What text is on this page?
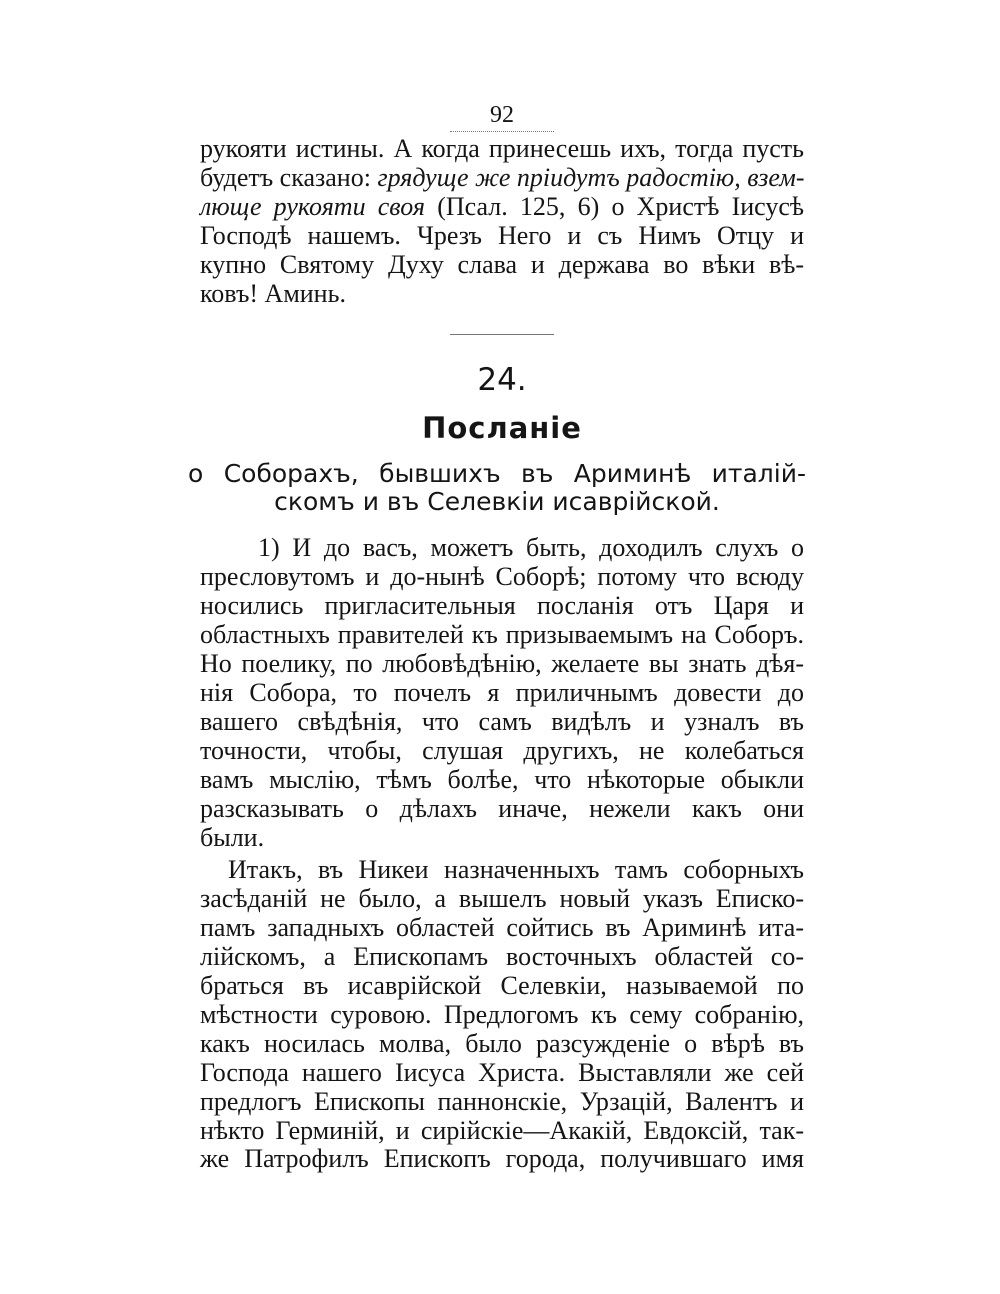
92
рукояти истины. А когда принесешь ихъ, тогда пусть
будетъ сказано: грядуще же пріидутъ радостію, взем-
люще рукояти своя (Псал. 125, 6) о Христѣ Іисусѣ
Господѣ нашемъ. Чрезъ Него и съ Нимъ Отцу и
купно Святому Духу слава и держава во вѣки вѣ-
ковъ! Аминь.
24.
Посланіе
о Соборахъ, бывшихъ въ Ариминѣ италій-
скомъ и въ Селевкіи исаврійской.
1) И до васъ, можетъ быть, доходилъ слухъ о
пресловутомъ и до-нынѣ Соборѣ; потому что всюду
носились пригласительныя посланія отъ Царя и
областныхъ правителей къ призываемымъ на Соборъ.
Но поелику, по любовѣдѣнію, желаете вы знать дѣя-
нія Собора, то почелъ я приличнымъ довести до
вашего свѣдѣнія, что самъ видѣлъ и узналъ въ
точности, чтобы, слушая другихъ, не колебаться
вамъ мыслію, тѣмъ болѣе, что нѣкоторые обыкли
разсказывать о дѣлахъ иначе, нежели какъ они
были.
Итакъ, въ Никеи назначенныхъ тамъ соборныхъ
засѣданій не было, а вышелъ новый указъ Еписко-
памъ западныхъ областей сойтись въ Ариминѣ ита-
лійскомъ, а Епископамъ восточныхъ областей со-
браться въ исаврійской Селевкіи, называемой по
мѣстности суровою. Предлогомъ къ сему собранію,
какъ носилась молва, было разсужденіе о вѣрѣ въ
Господа нашего Іисуса Христа. Выставляли же сей
предлогъ Епископы паннонскіе, Урзацій, Валентъ и
нѣкто Герминій, и сирійскіе—Акакій, Евдоксій, так-
же Патрофилъ Епископъ города, получившаго имя
